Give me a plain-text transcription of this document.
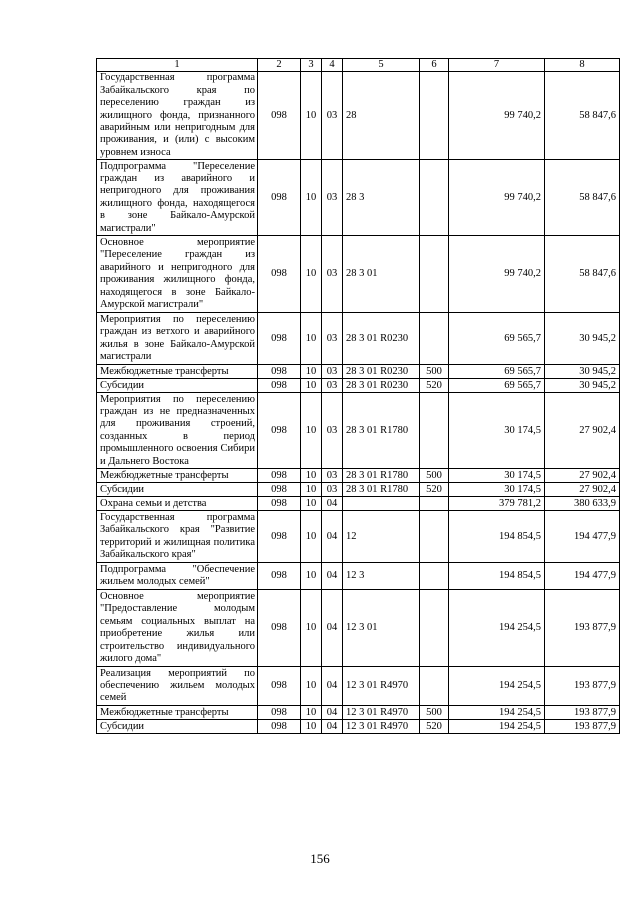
1	2	3	4	5	6	7	8
Государственная программа Забайкальского края по переселению граждан из жилищного фонда, признанного аварийным или непригодным для проживания, и (или) с высоким уровнем износа	098	10	03	28		99 740,2	58 847,6
Подпрограмма "Переселение граждан из аварийного и непригодного для проживания жилищного фонда, находящегося в зоне Байкало-Амурской магистрали"	098	10	03	28 3		99 740,2	58 847,6
Основное мероприятие "Переселение граждан из аварийного и непригодного для проживания жилищного фонда, находящегося в зоне Байкало-Амурской магистрали"	098	10	03	28 3 01		99 740,2	58 847,6
Мероприятия по переселению граждан из ветхого и аварийного жилья в зоне Байкало-Амурской магистрали	098	10	03	28 3 01 R0230		69 565,7	30 945,2
Межбюджетные трансферты	098	10	03	28 3 01 R0230	500	69 565,7	30 945,2
Субсидии	098	10	03	28 3 01 R0230	520	69 565,7	30 945,2
Мероприятия по переселению граждан из не предназначенных для проживания строений, созданных в период промышленного освоения Сибири и Дальнего Востока	098	10	03	28 3 01 R1780		30 174,5	27 902,4
Межбюджетные трансферты	098	10	03	28 3 01 R1780	500	30 174,5	27 902,4
Субсидии	098	10	03	28 3 01 R1780	520	30 174,5	27 902,4
Охрана семьи и детства	098	10	04			379 781,2	380 633,9
Государственная программа Забайкальского края "Развитие территорий и жилищная политика Забайкальского края"	098	10	04	12		194 854,5	194 477,9
Подпрограмма "Обеспечение жильем молодых семей"	098	10	04	12 3		194 854,5	194 477,9
Основное мероприятие "Предоставление молодым семьям социальных выплат на приобретение жилья или строительство индивидуального жилого дома"	098	10	04	12 3 01		194 254,5	193 877,9
Реализация мероприятий по обеспечению жильем молодых семей	098	10	04	12 3 01 R4970		194 254,5	193 877,9
Межбюджетные трансферты	098	10	04	12 3 01 R4970	500	194 254,5	193 877,9
Субсидии	098	10	04	12 3 01 R4970	520	194 254,5	193 877,9
156
